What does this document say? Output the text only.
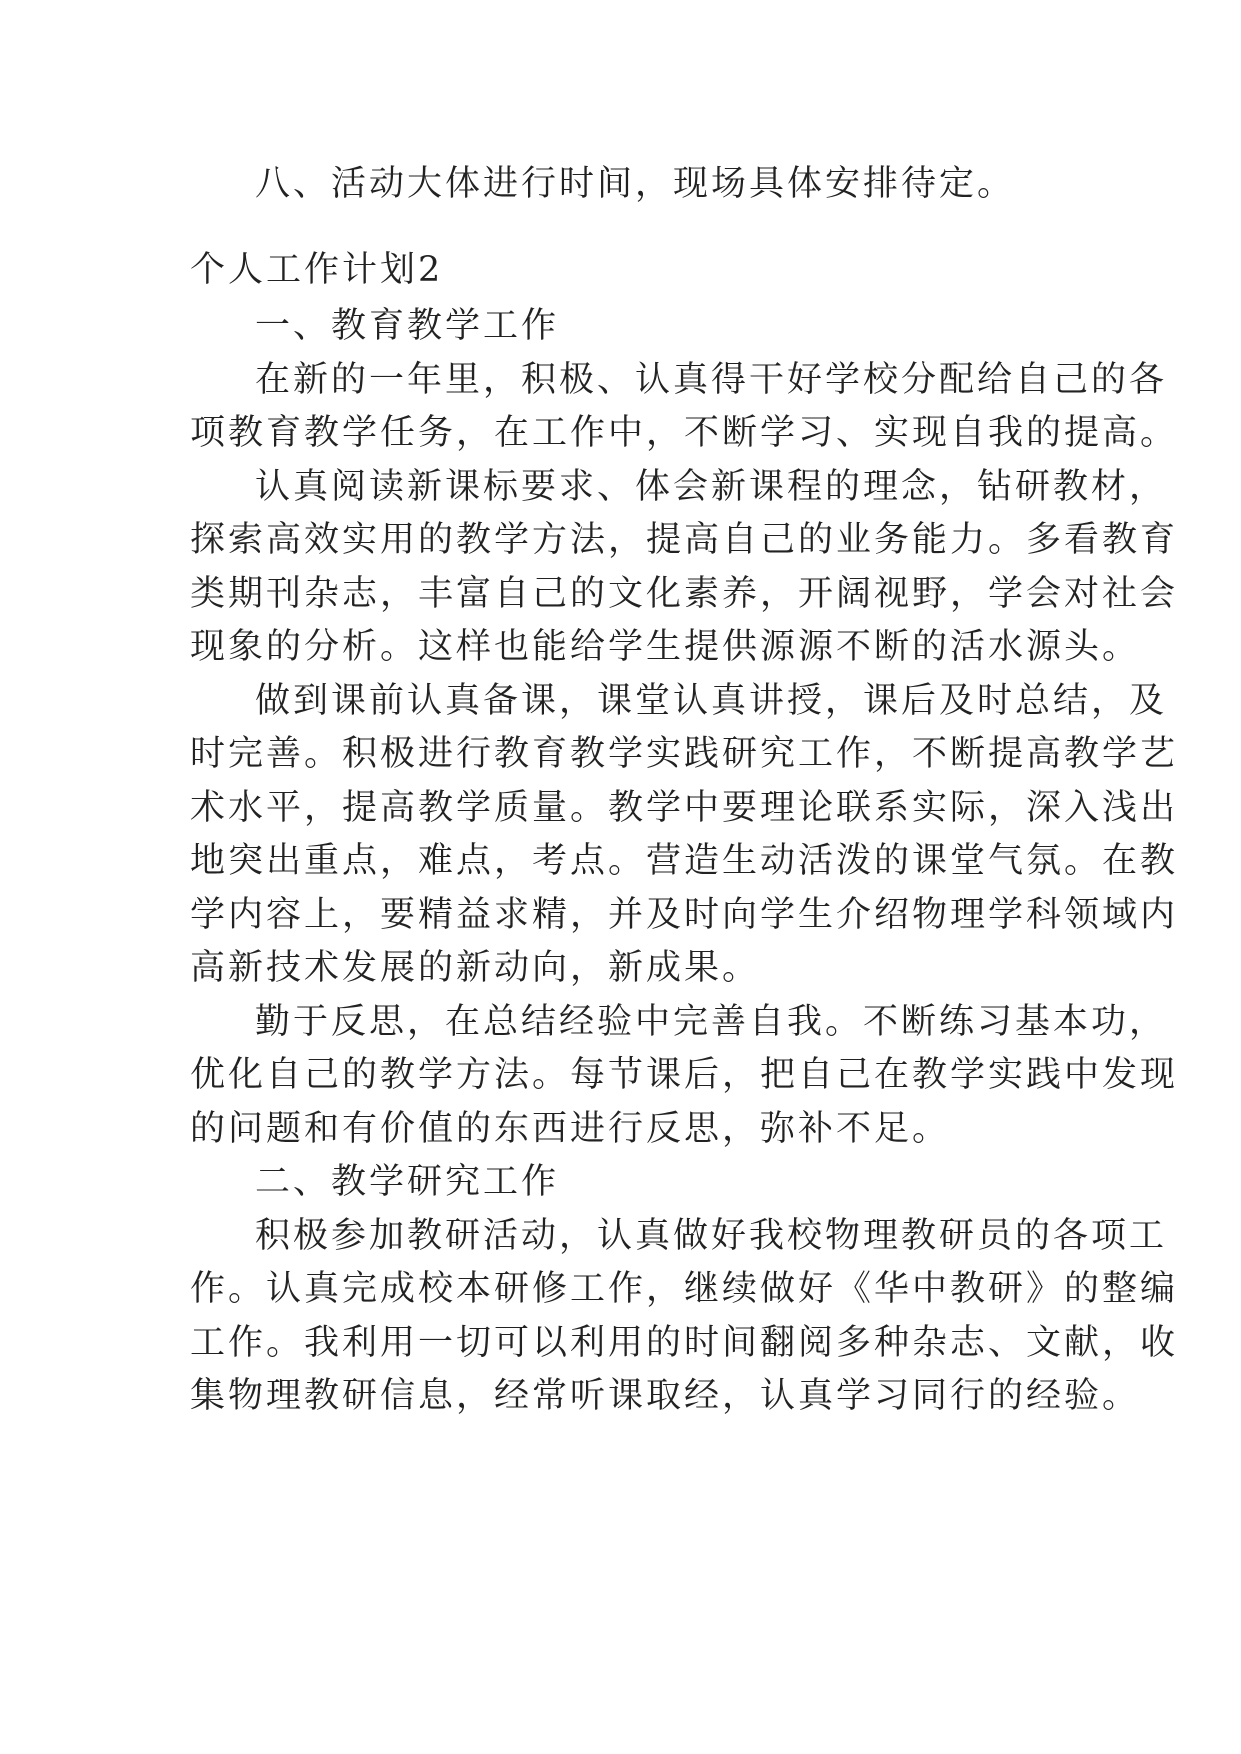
八、活动大体进行时间，现场具体安排待定。
个人工作计划2
一、教育教学工作
在新的一年里，积极、认真得干好学校分配给自己的各
项教育教学任务，在工作中，不断学习、实现自我的提高。
认真阅读新课标要求、体会新课程的理念，钻研教材，
探索高效实用的教学方法，提高自己的业务能力。多看教育
类期刊杂志，丰富自己的文化素养，开阔视野，学会对社会
现象的分析。这样也能给学生提供源源不断的活水源头。
做到课前认真备课，课堂认真讲授，课后及时总结，及
时完善。积极进行教育教学实践研究工作，不断提高教学艺
术水平，提高教学质量。教学中要理论联系实际，深入浅出
地突出重点，难点，考点。营造生动活泼的课堂气氛。在教
学内容上，要精益求精，并及时向学生介绍物理学科领域内
高新技术发展的新动向，新成果。
勤于反思，在总结经验中完善自我。不断练习基本功，
优化自己的教学方法。每节课后，把自己在教学实践中发现
的问题和有价值的东西进行反思，弥补不足。
二、教学研究工作
积极参加教研活动，认真做好我校物理教研员的各项工
作。认真完成校本研修工作，继续做好《华中教研》的整编
工作。我利用一切可以利用的时间翻阅多种杂志、文献，收
集物理教研信息，经常听课取经，认真学习同行的经验。
